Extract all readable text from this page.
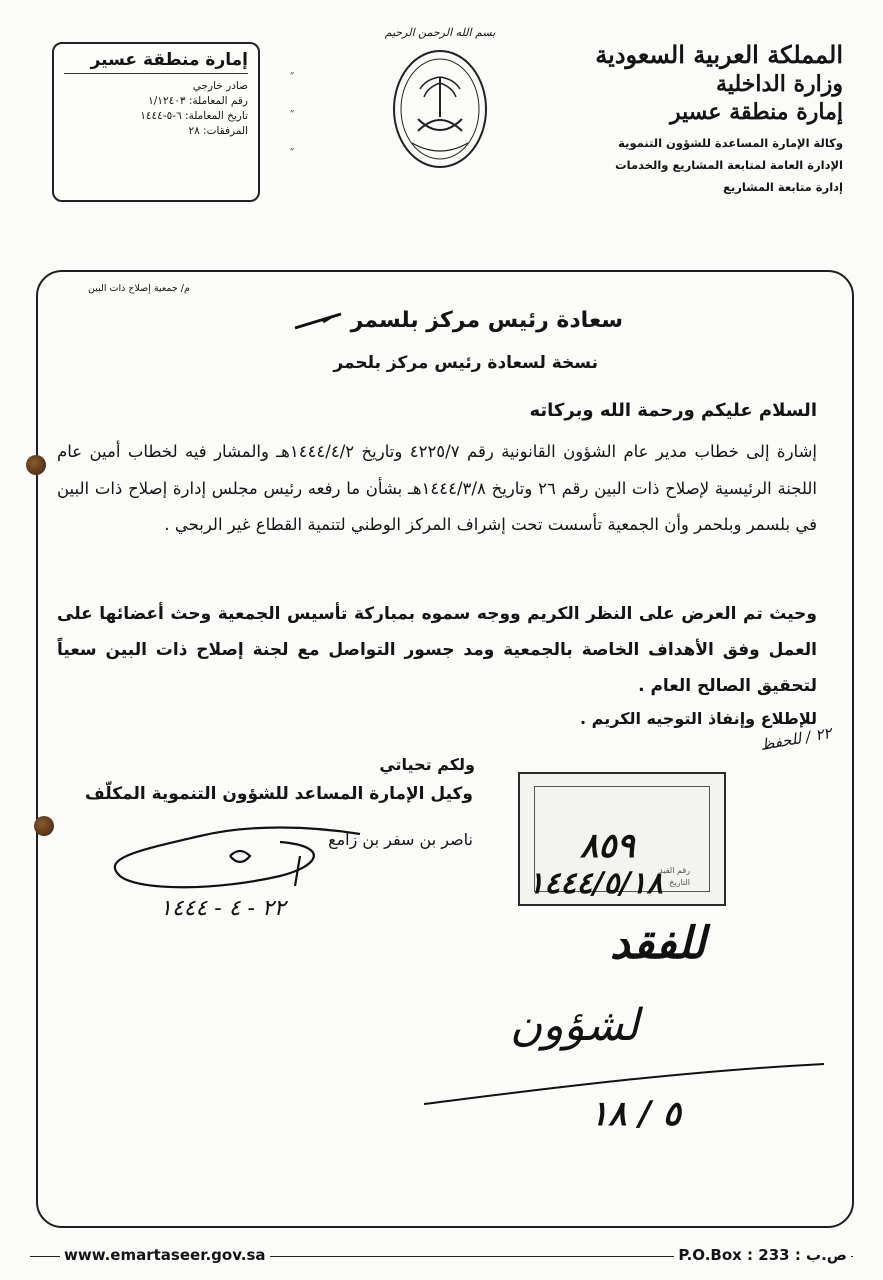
المملكة العربية السعودية
وزارة الداخلية
إمارة منطقة عسير
وكالة الإمارة المساعدة للشؤون التنموية
الإدارة العامة لمتابعة المشاريع والخدمات
إدارة متابعة المشاريع
بسم الله الرحمن الرحيم
إمارة منطقة عسير
صادر خارجي
رقم المعاملة: ١/١٢٤٠٣
تاريخ المعاملة: ٦-٥-١٤٤٤
المرفقات: ٢٨
״
״
״
م/ جمعية إصلاح ذات البين
سعادة رئيس مركز بلسمر
نسخة لسعادة رئيس مركز بلحمر
السلام عليكم ورحمة الله وبركاته
إشارة إلى خطاب مدير عام الشؤون القانونية رقم ٤٢٢٥/٧ وتاريخ ١٤٤٤/٤/٢هـ والمشار فيه لخطاب أمين عام اللجنة الرئيسية لإصلاح ذات البين رقم ٢٦ وتاريخ ١٤٤٤/٣/٨هـ بشأن ما رفعه رئيس مجلس إدارة إصلاح ذات البين في بلسمر وبلحمر وأن الجمعية تأسست تحت إشراف المركز الوطني لتنمية القطاع غير الربحي .
وحيث تم العرض على النظر الكريم ووجه سموه بمباركة تأسيس الجمعية وحث أعضائها على العمل وفق الأهداف الخاصة بالجمعية ومد جسور التواصل مع لجنة إصلاح ذات البين سعياً لتحقيق الصالح العام .
للإطلاع وإنفاذ التوجيه الكريم .
ولكم تحياتي
وكيل الإمارة المساعد للشؤون التنموية المكلّف
ناصر بن سفر بن زامع
٢٢ - ٤ - ١٤٤٤
رقم القيد
التاريخ
٨٥٩
١٤٤٤/٥/١٨
٢٢ / للحفظ
للفقد
لشؤون
٥ / ١٨
www.emartaseer.gov.sa	ص.ب : 233 : P.O.Box
